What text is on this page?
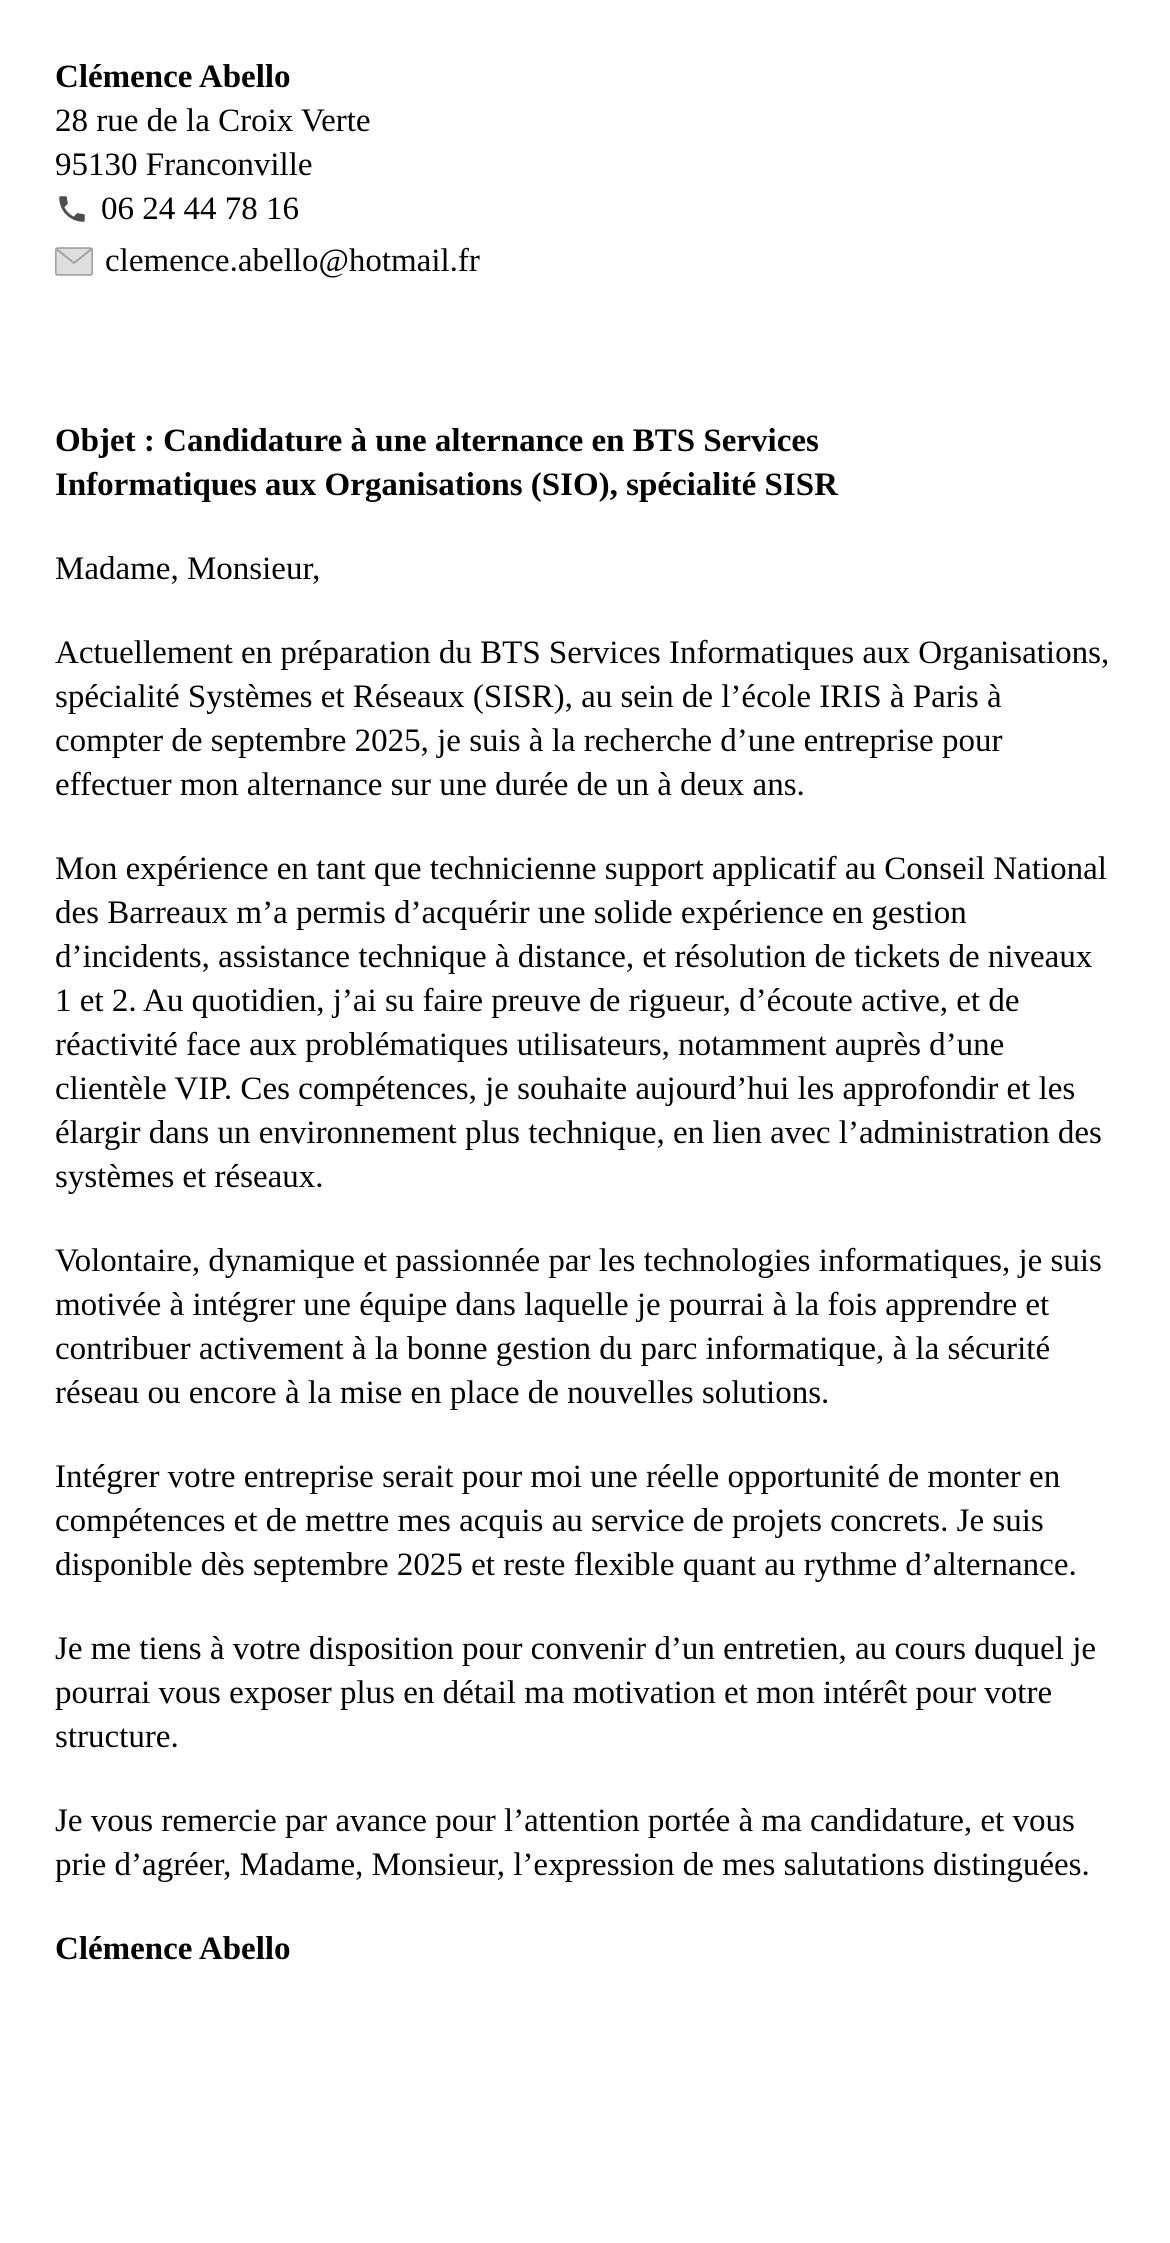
Clémence Abello
28 rue de la Croix Verte
95130 Franconville
06 24 44 78 16
clemence.abello@hotmail.fr

Objet : Candidature à une alternance en BTS Services Informatiques aux Organisations (SIO), spécialité SISR

Madame, Monsieur,

Actuellement en préparation du BTS Services Informatiques aux Organisations, spécialité Systèmes et Réseaux (SISR), au sein de l’école IRIS à Paris à compter de septembre 2025, je suis à la recherche d’une entreprise pour effectuer mon alternance sur une durée de un à deux ans.

Mon expérience en tant que technicienne support applicatif au Conseil National des Barreaux m’a permis d’acquérir une solide expérience en gestion d’incidents, assistance technique à distance, et résolution de tickets de niveaux 1 et 2. Au quotidien, j’ai su faire preuve de rigueur, d’écoute active, et de réactivité face aux problématiques utilisateurs, notamment auprès d’une clientèle VIP. Ces compétences, je souhaite aujourd’hui les approfondir et les élargir dans un environnement plus technique, en lien avec l’administration des systèmes et réseaux.

Volontaire, dynamique et passionnée par les technologies informatiques, je suis motivée à intégrer une équipe dans laquelle je pourrai à la fois apprendre et contribuer activement à la bonne gestion du parc informatique, à la sécurité réseau ou encore à la mise en place de nouvelles solutions.

Intégrer votre entreprise serait pour moi une réelle opportunité de monter en compétences et de mettre mes acquis au service de projets concrets. Je suis disponible dès septembre 2025 et reste flexible quant au rythme d’alternance.

Je me tiens à votre disposition pour convenir d’un entretien, au cours duquel je pourrai vous exposer plus en détail ma motivation et mon intérêt pour votre structure.

Je vous remercie par avance pour l’attention portée à ma candidature, et vous prie d’agréer, Madame, Monsieur, l’expression de mes salutations distinguées.

Clémence Abello
